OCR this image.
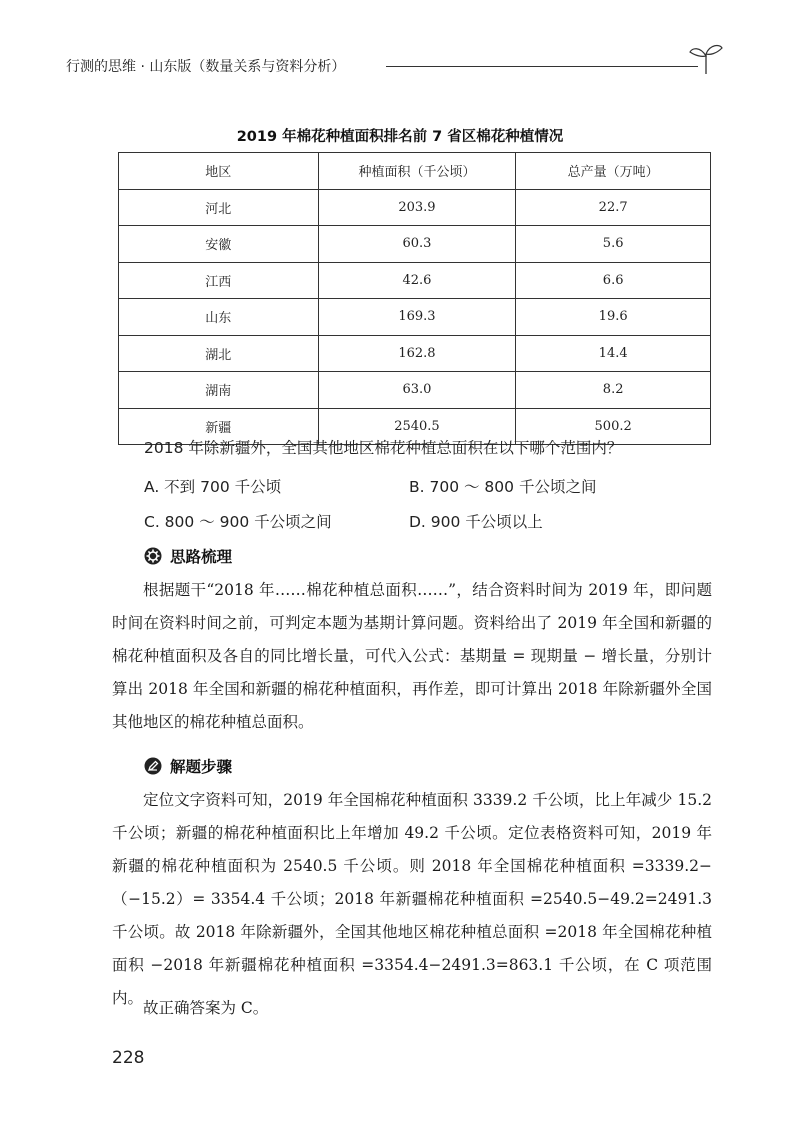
行测的思维 · 山东版（数量关系与资料分析）
2019 年棉花种植面积排名前 7 省区棉花种植情况
地区	种植面积（千公顷）	总产量（万吨）
河北	203.9	22.7
安徽	60.3	5.6
江西	42.6	6.6
山东	169.3	19.6
湖北	162.8	14.4
湖南	63.0	8.2
新疆	2540.5	500.2
2018 年除新疆外，全国其他地区棉花种植总面积在以下哪个范围内？
A. 不到 700 千公顷	B. 700 ～ 800 千公顷之间
C. 800 ～ 900 千公顷之间	D. 900 千公顷以上
思路梳理

根据题干“2018 年……棉花种植总面积……”，结合资料时间为 2019 年，即问题时间在资料时间之前，可判定本题为基期计算问题。资料给出了 2019 年全国和新疆的棉花种植面积及各自的同比增长量，可代入公式：基期量 = 现期量 − 增长量，分别计算出 2018 年全国和新疆的棉花种植面积，再作差，即可计算出 2018 年除新疆外全国其他地区的棉花种植总面积。

解题步骤

定位文字资料可知，2019 年全国棉花种植面积 3339.2 千公顷，比上年减少 15.2 千公顷；新疆的棉花种植面积比上年增加 49.2 千公顷。定位表格资料可知，2019 年新疆的棉花种植面积为 2540.5 千公顷。则 2018 年全国棉花种植面积 =3339.2−（−15.2）= 3354.4 千公顷；2018 年新疆棉花种植面积 =2540.5−49.2=2491.3 千公顷。故 2018 年除新疆外，全国其他地区棉花种植总面积 =2018 年全国棉花种植面积 −2018 年新疆棉花种植面积 =3354.4−2491.3=863.1 千公顷，在 C 项范围内。

故正确答案为 C。
228
